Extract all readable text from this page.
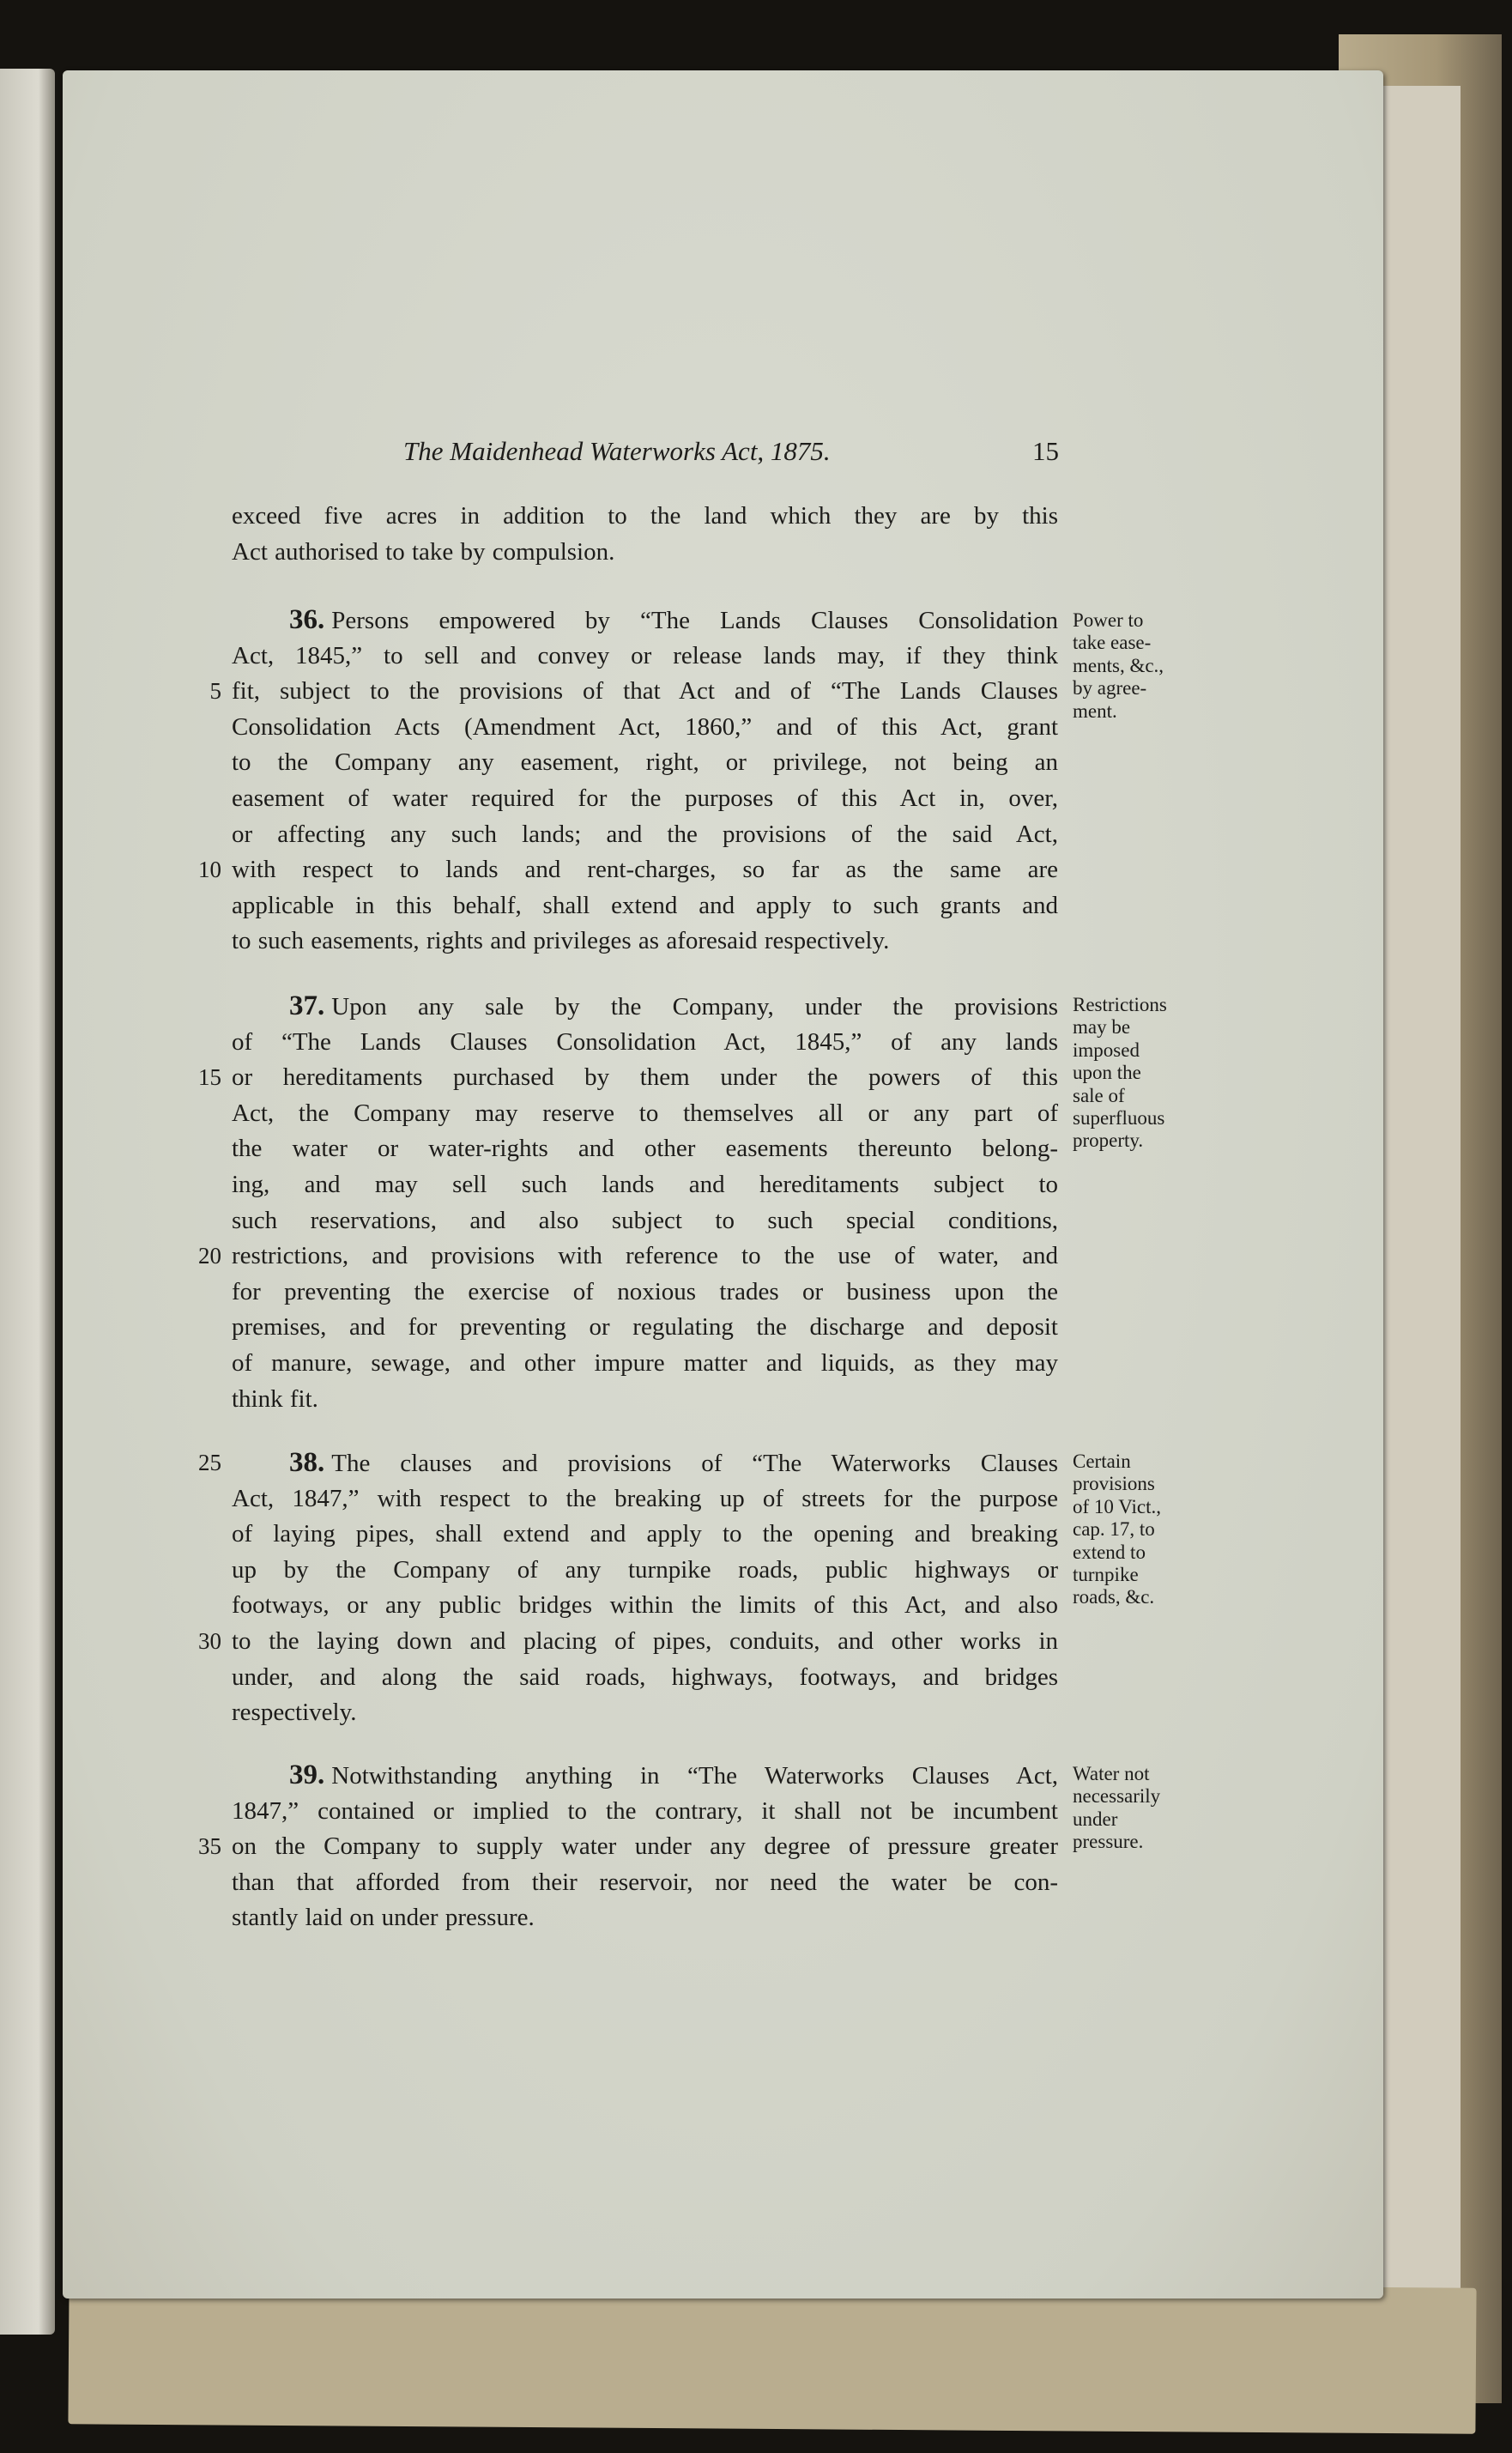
The Maidenhead Waterworks Act, 1875.	15
exceed five acres in addition to the land which they are by this
Act authorised to take by compulsion.
36. Persons empowered by “The Lands Clauses Consolidation
Act, 1845,” to sell and convey or release lands may, if they think
fit, subject to the provisions of that Act and of “The Lands Clauses
5
Consolidation Acts (Amendment Act, 1860,” and of this Act, grant
to the Company any easement, right, or privilege, not being an
easement of water required for the purposes of this Act in, over,
or affecting any such lands; and the provisions of the said Act,
with respect to lands and rent-charges, so far as the same are
10
applicable in this behalf, shall extend and apply to such grants and
to such easements, rights and privileges as aforesaid respectively.
Power to
take ease-
ments, &c.,
by agree-
ment.
37. Upon any sale by the Company, under the provisions
of “The Lands Clauses Consolidation Act, 1845,” of any lands
or hereditaments purchased by them under the powers of this
15
Act, the Company may reserve to themselves all or any part of
the water or water-rights and other easements thereunto belong-
ing, and may sell such lands and hereditaments subject to
such reservations, and also subject to such special conditions,
restrictions, and provisions with reference to the use of water, and
20
for preventing the exercise of noxious trades or business upon the
premises, and for preventing or regulating the discharge and deposit
of manure, sewage, and other impure matter and liquids, as they may
think fit.
Restrictions
may be
imposed
upon the
sale of
superfluous
property.
38. The clauses and provisions of “The Waterworks Clauses
25
Act, 1847,” with respect to the breaking up of streets for the purpose
of laying pipes, shall extend and apply to the opening and breaking
up by the Company of any turnpike roads, public highways or
footways, or any public bridges within the limits of this Act, and also
to the laying down and placing of pipes, conduits, and other works in
30
under, and along the said roads, highways, footways, and bridges
respectively.
Certain
provisions
of 10 Vict.,
cap. 17, to
extend to
turnpike
roads, &c.
39. Notwithstanding anything in “The Waterworks Clauses Act,
1847,” contained or implied to the contrary, it shall not be incumbent
on the Company to supply water under any degree of pressure greater
35
than that afforded from their reservoir, nor need the water be con-
stantly laid on under pressure.
Water not
necessarily
under
pressure.
